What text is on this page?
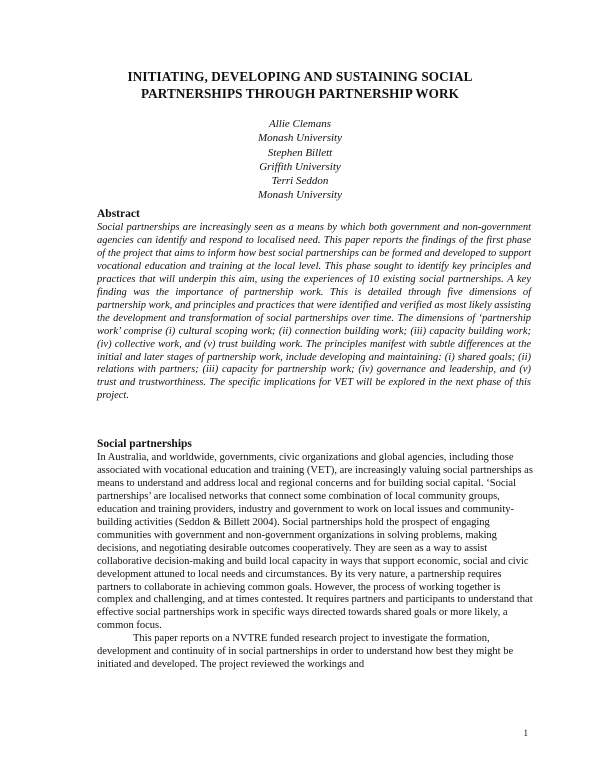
INITIATING, DEVELOPING AND SUSTAINING SOCIAL
PARTNERSHIPS THROUGH PARTNERSHIP WORK
Allie Clemans
Monash University
Stephen Billett
Griffith University
Terri Seddon
Monash University
Abstract

Social partnerships are increasingly seen as a means by which both government and non-government agencies can identify and respond to localised need. This paper reports the findings of the first phase of the project that aims to inform how best social partnerships can be formed and developed to support vocational education and training at the local level. This phase sought to identify key principles and practices that will underpin this aim, using the experiences of 10 existing social partnerships. A key finding was the importance of partnership work. This is detailed through five dimensions of partnership work, and principles and practices that were identified and verified as most likely assisting the development and transformation of social partnerships over time. The dimensions of ‘partnership work’ comprise (i) cultural scoping work; (ii) connection building work; (iii) capacity building work; (iv) collective work, and (v) trust building work. The principles manifest with subtle differences at the initial and later stages of partnership work, include developing and maintaining: (i) shared goals; (ii) relations with partners; (iii) capacity for partnership work; (iv) governance and leadership, and (v) trust and trustworthiness. The specific implications for VET will be explored in the next phase of this project.

Social partnerships

In Australia, and worldwide, governments, civic organizations and global agencies, including those associated with vocational education and training (VET), are increasingly valuing social partnerships as means to understand and address local and regional concerns and for building social capital. ‘Social partnerships’ are localised networks that connect some combination of local community groups, education and training providers, industry and government to work on local issues and community-building activities (Seddon & Billett 2004). Social partnerships hold the prospect of engaging communities with government and non-government organizations in solving problems, making decisions, and negotiating desirable outcomes cooperatively. They are seen as a way to assist collaborative decision-making and build local capacity in ways that support economic, social and civic development attuned to local needs and circumstances. By its very nature, a partnership requires partners to collaborate in achieving common goals. However, the process of working together is complex and challenging, and at times contested. It requires partners and participants to understand that effective social partnerships work in specific ways directed towards shared goals or more likely, a common focus.

This paper reports on a NVTRE funded research project to investigate the formation, development and continuity of in social partnerships in order to understand how best they might be initiated and developed. The project reviewed the workings and

1
